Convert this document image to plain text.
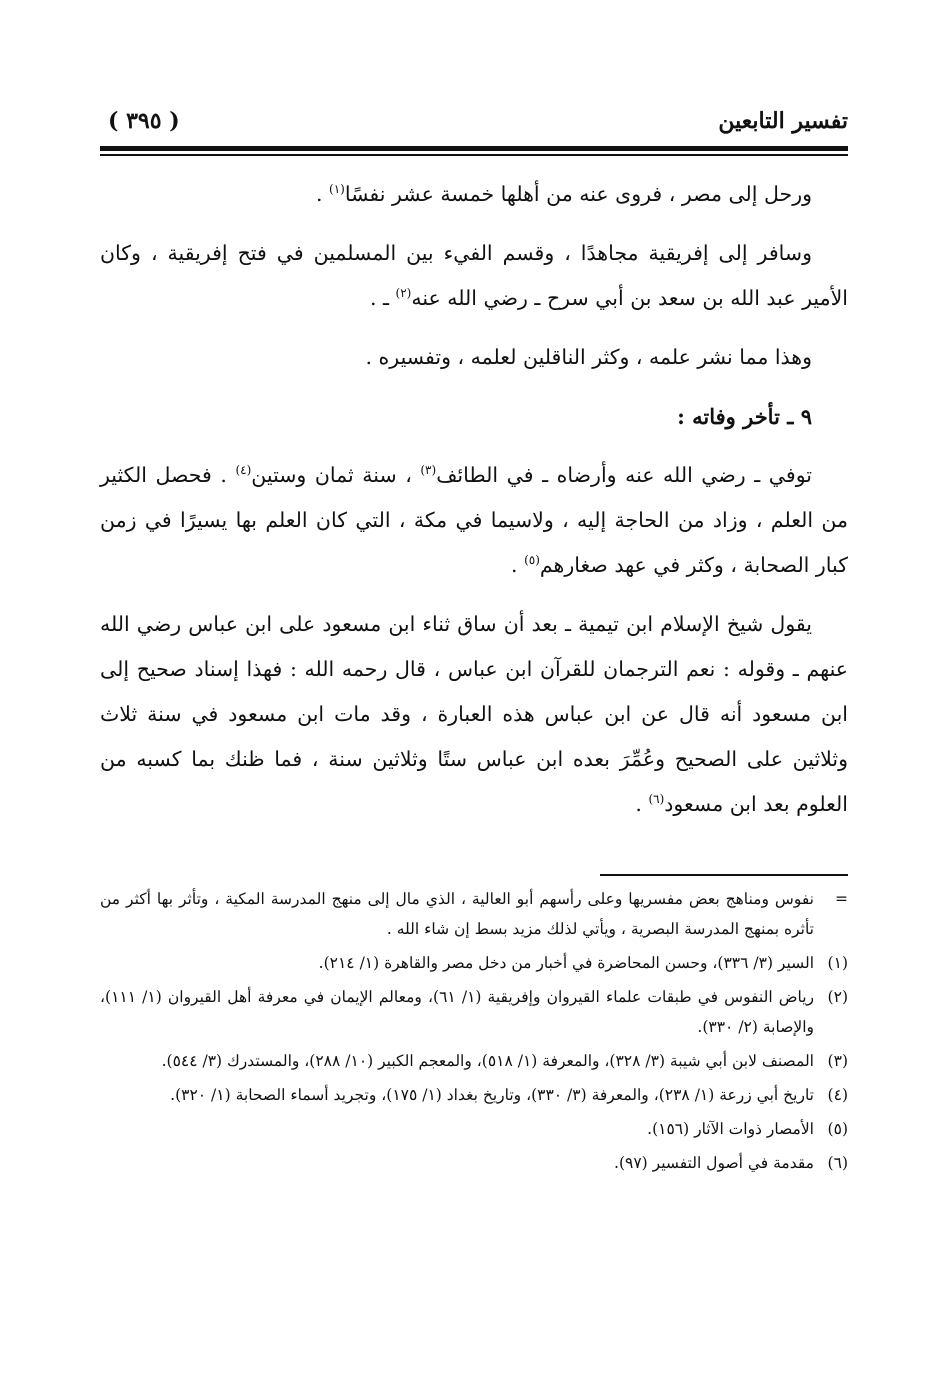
تفسير التابعين
( ٣٩٥ )

ورحل إلى مصر ، فروى عنه من أهلها خمسة عشر نفسًا$^{(١)}$ .

وسافر إلى إفريقية مجاهدًا ، وقسم الفيء بين المسلمين في فتح إفريقية ، وكان الأمير عبد الله بن سعد بن أبي سرح ـ رضي الله عنه$^{(٢)}$ ـ .

وهذا مما نشر علمه ، وكثر الناقلين لعلمه ، وتفسيره .

٩ ـ تأخر وفاته :

توفي ـ رضي الله عنه وأرضاه ـ في الطائف$^{(٣)}$ ، سنة ثمان وستين$^{(٤)}$ . فحصل الكثير من العلم ، وزاد من الحاجة إليه ، ولاسيما في مكة ، التي كان العلم بها يسيرًا في زمن كبار الصحابة ، وكثر في عهد صغارهم$^{(٥)}$ .

يقول شيخ الإسلام ابن تيمية ـ بعد أن ساق ثناء ابن مسعود على ابن عباس رضي الله عنهم ـ وقوله : نعم الترجمان للقرآن ابن عباس ، قال رحمه الله : فهذا إسناد صحيح إلى ابن مسعود أنه قال عن ابن عباس هذه العبارة ، وقد مات ابن مسعود في سنة ثلاث وثلاثين على الصحيح وعُمِّرَ بعده ابن عباس ستًا وثلاثين سنة ، فما ظنك بما كسبه من العلوم بعد ابن مسعود$^{(٦)}$ .

=
نفوس ومناهج بعض مفسريها وعلى رأسهم أبو العالية ، الذي مال إلى منهج المدرسة المكية ، وتأثر بها أكثر من تأثره بمنهج المدرسة البصرية ، ويأتي لذلك مزيد بسط إن شاء الله .
(١)
السير (٣/ ٣٣٦)، وحسن المحاضرة في أخبار من دخل مصر والقاهرة (١/ ٢١٤).
(٢)
رياض النفوس في طبقات علماء القيروان وإفريقية (١/ ٦١)، ومعالم الإيمان في معرفة أهل القيروان (١/ ١١١)، والإصابة (٢/ ٣٣٠).
(٣)
المصنف لابن أبي شيبة (٣/ ٣٢٨)، والمعرفة (١/ ٥١٨)، والمعجم الكبير (١٠/ ٢٨٨)، والمستدرك (٣/ ٥٤٤).
(٤)
تاريخ أبي زرعة (١/ ٢٣٨)، والمعرفة (٣/ ٣٣٠)، وتاريخ بغداد (١/ ١٧٥)، وتجريد أسماء الصحابة (١/ ٣٢٠).
(٥)
الأمصار ذوات الآثار (١٥٦).
(٦)
مقدمة في أصول التفسير (٩٧).
